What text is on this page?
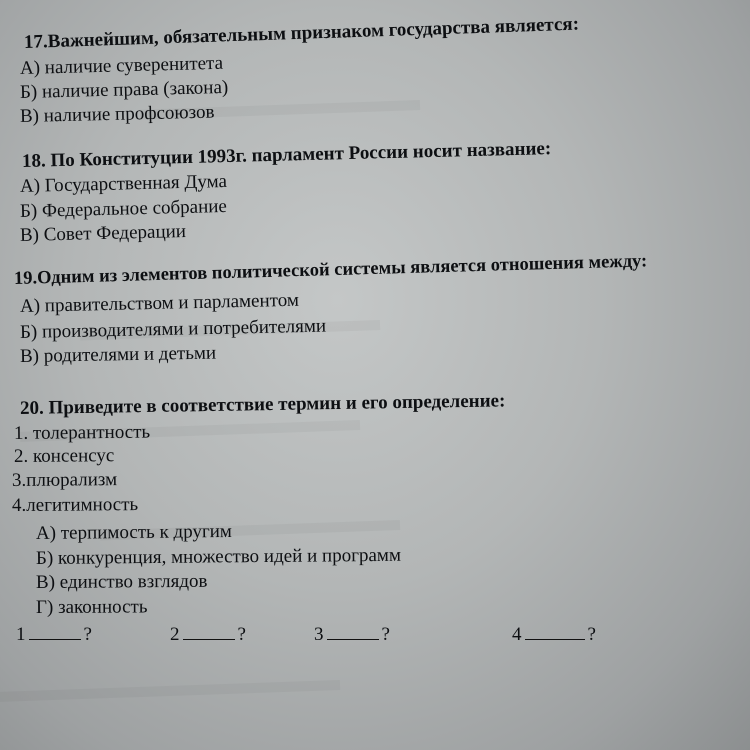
17.Важнейшим, обязательным признаком государства является:
А) наличие суверенитета
Б) наличие права (закона)
В) наличие профсоюзов
18. По Конституции 1993г. парламент России носит название:
А) Государственная Дума
Б) Федеральное собрание
В) Совет Федерации
19.Одним из элементов политической системы является отношения между:
А) правительством и парламентом
Б) производителями и потребителями
В) родителями и детьми
20. Приведите в соответствие термин и его определение:
1. толерантность
2. консенсус
3.плюрализм
4.легитимность
А) терпимость к другим
Б) конкуренция, множество идей и программ
В) единство взглядов
Г) законность
1	?	2	?	3	?	4	?
